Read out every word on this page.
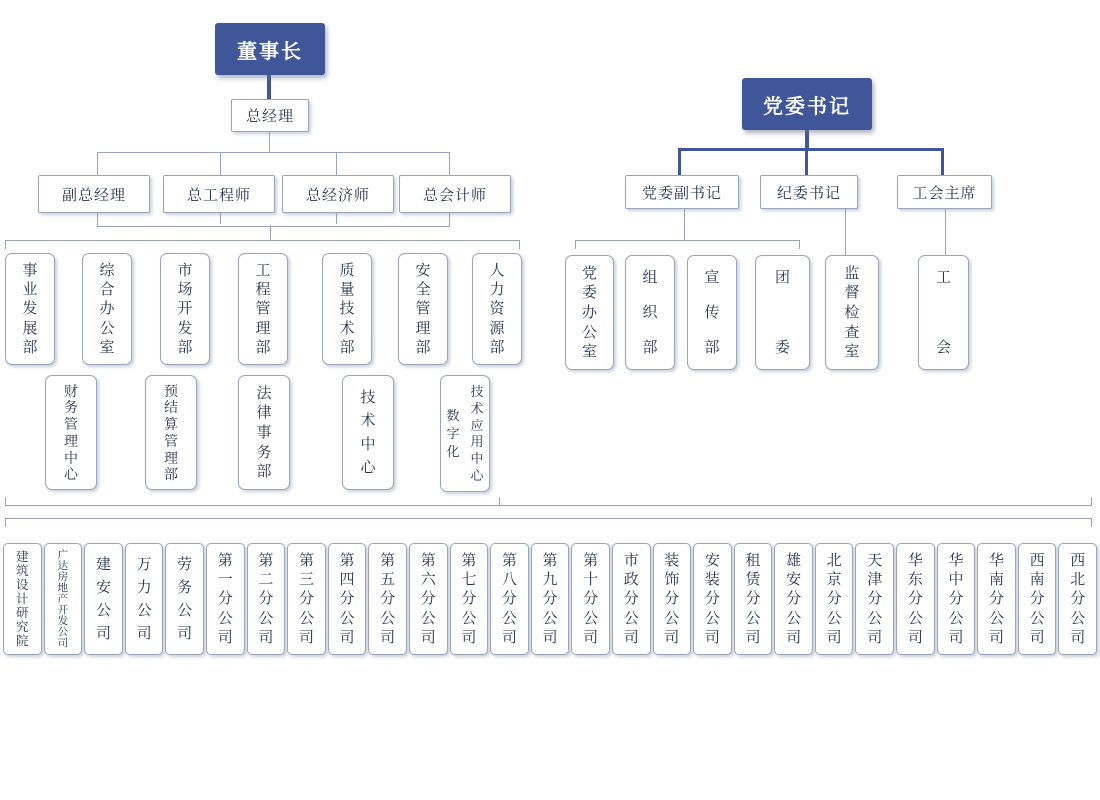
董事长
总经理
副总经理	总工程师	总经济师	总会计师
事
业
发
展
部
综
合
办
公
室
市
场
开
发
部
工
程
管
理
部
质
量
技
术
部
安
全
管
理
部
人
力
资
源
部
财
务
管
理
中
心
预
结
算
管
理
部
法
律
事
务
部
技
术
中
心
数
字
化
技
术
应
用
中
心
党委书记
党委副书记	纪委书记	工会主席
党
委
办
公
室
组
织
部
宣
传
部
团
委
监
督
检
查
室
工
会
建
筑
设
计
研
究
院
广
达
房
地
产
开
发
公
司
建
安
公
司
万
力
公
司
劳
务
公
司
第
一
分
公
司
第
二
分
公
司
第
三
分
公
司
第
四
分
公
司
第
五
分
公
司
第
六
分
公
司
第
七
分
公
司
第
八
分
公
司
第
九
分
公
司
第
十
分
公
司
市
政
分
公
司
装
饰
分
公
司
安
装
分
公
司
租
赁
分
公
司
雄
安
分
公
司
北
京
分
公
司
天
津
分
公
司
华
东
分
公
司
华
中
分
公
司
华
南
分
公
司
西
南
分
公
司
西
北
分
公
司
